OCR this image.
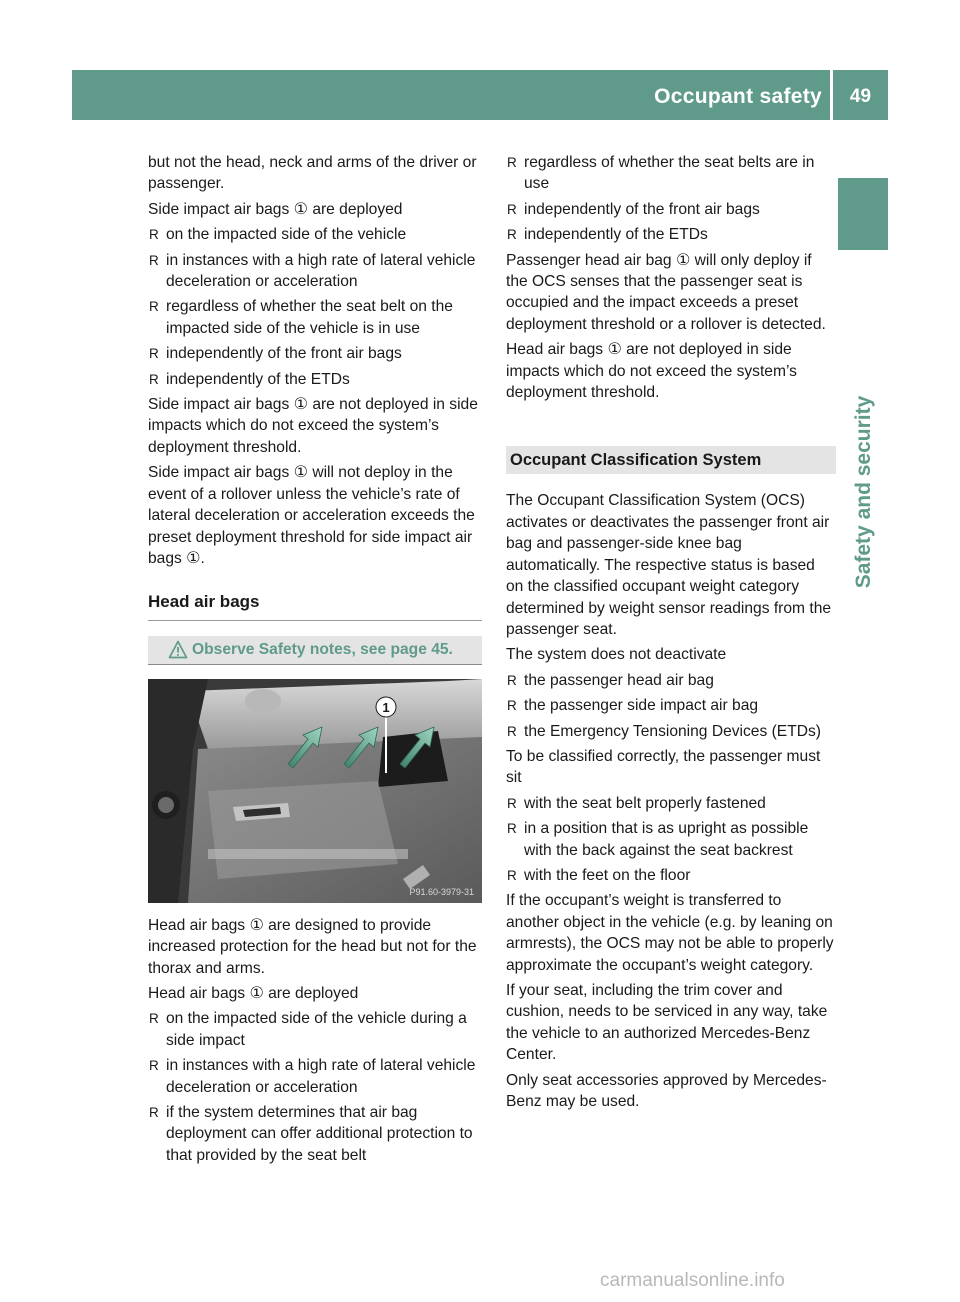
Occupant safety	49
Safety and security

but not the head, neck and arms of the driver or passenger.

Side impact air bags ① are deployed

R on the impacted side of the vehicle
R in instances with a high rate of lateral vehicle deceleration or acceleration
R regardless of whether the seat belt on the impacted side of the vehicle is in use
R independently of the front air bags
R independently of the ETDs

Side impact air bags ① are not deployed in side impacts which do not exceed the system’s deployment threshold.

Side impact air bags ① will not deploy in the event of a rollover unless the vehicle’s rate of lateral deceleration or acceleration exceeds the preset deployment threshold for side impact air bags ①.

Head air bags
Observe Safety notes, see page 45.
1
P91.60-3979-31

Head air bags ① are designed to provide increased protection for the head but not for the thorax and arms.

Head air bags ① are deployed

R on the impacted side of the vehicle during a side impact
R in instances with a high rate of lateral vehicle deceleration or acceleration
R if the system determines that air bag deployment can offer additional protection to that provided by the seat belt
R regardless of whether the seat belts are in use
R independently of the front air bags
R independently of the ETDs

Passenger head air bag ① will only deploy if the OCS senses that the passenger seat is occupied and the impact exceeds a preset deployment threshold or a rollover is detected.

Head air bags ① are not deployed in side impacts which do not exceed the system’s deployment threshold.

Occupant Classification System

The Occupant Classification System (OCS) activates or deactivates the passenger front air bag and passenger-side knee bag automatically. The respective status is based on the classified occupant weight category determined by weight sensor readings from the passenger seat.

The system does not deactivate

R the passenger head air bag
R the passenger side impact air bag
R the Emergency Tensioning Devices (ETDs)

To be classified correctly, the passenger must sit

R with the seat belt properly fastened
R in a position that is as upright as possible with the back against the seat backrest
R with the feet on the floor

If the occupant’s weight is transferred to another object in the vehicle (e.g. by leaning on armrests), the OCS may not be able to properly approximate the occupant’s weight category.

If your seat, including the trim cover and cushion, needs to be serviced in any way, take the vehicle to an authorized Mercedes-Benz Center.

Only seat accessories approved by Mercedes-Benz may be used.

carmanualsonline.info
